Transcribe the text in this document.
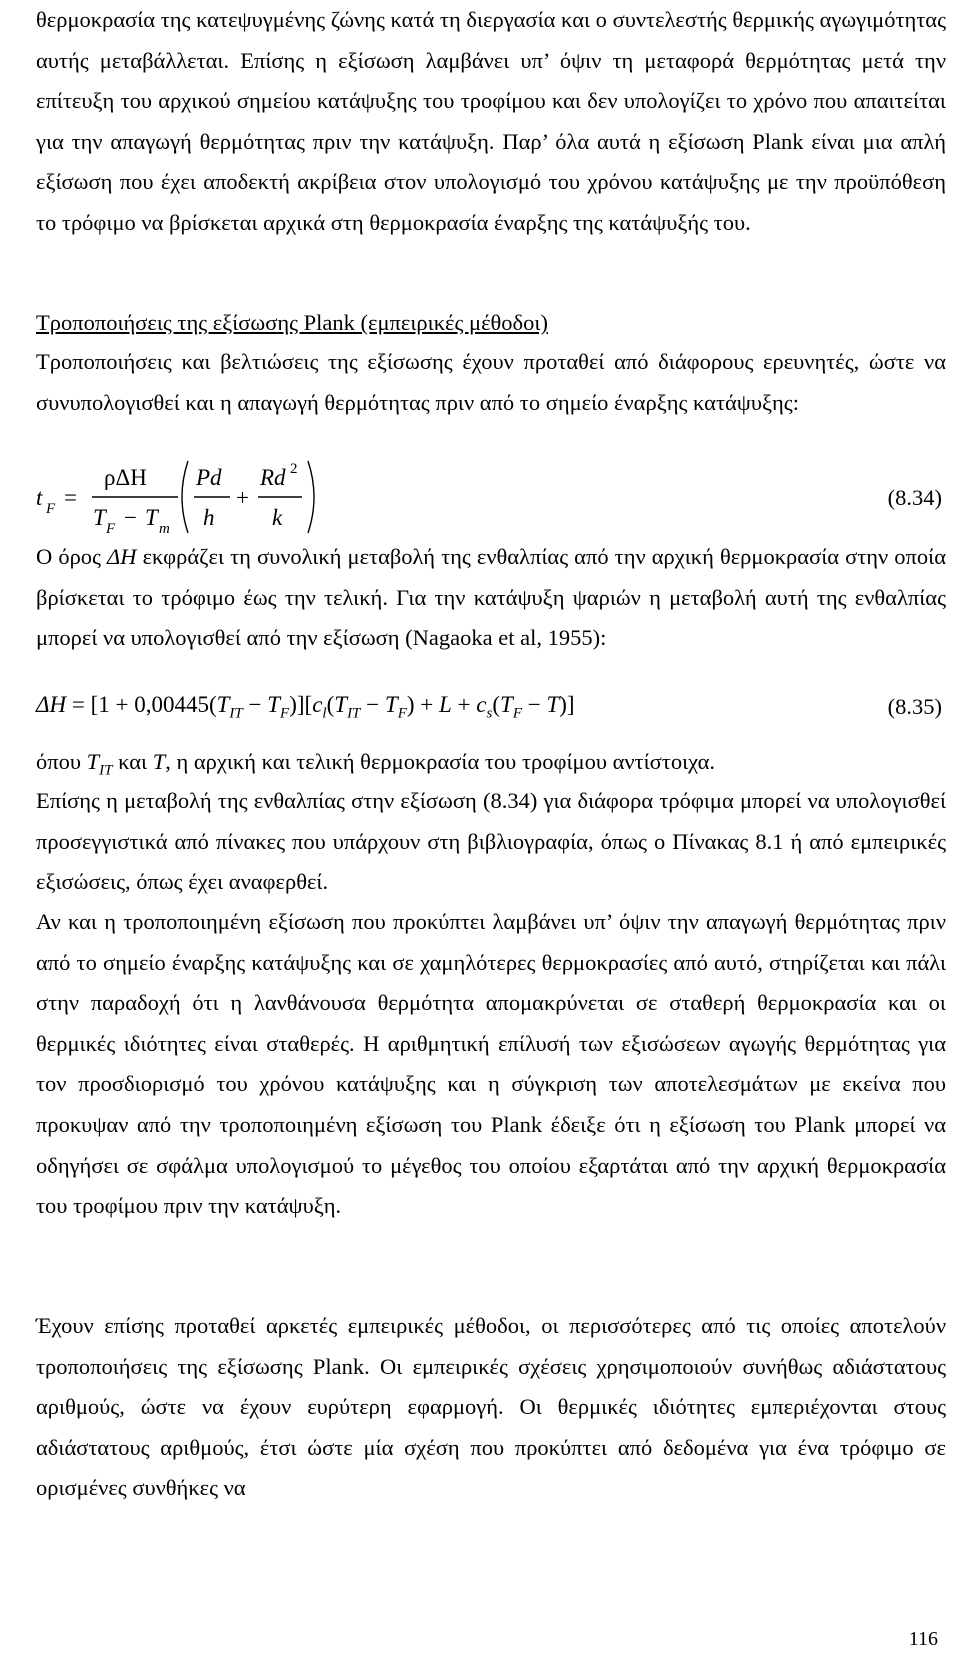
θερμοκρασία της κατεψυγμένης ζώνης κατά τη διεργασία και ο συντελεστής θερμικής αγωγιμότητας αυτής μεταβάλλεται. Επίσης η εξίσωση λαμβάνει υπ’ όψιν τη μεταφορά θερμότητας μετά την επίτευξη του αρχικού σημείου κατάψυξης του τροφίμου και δεν υπολογίζει το χρόνο που απαιτείται για την απαγωγή θερμότητας πριν την κατάψυξη. Παρ’ όλα αυτά η εξίσωση Plank είναι μια απλή εξίσωση που έχει αποδεκτή ακρίβεια στον υπολογισμό του χρόνου κατάψυξης με την προϋπόθεση το τρόφιμο να βρίσκεται αρχικά στη θερμοκρασία έναρξης της κατάψυξής του.

Τροποποιήσεις της εξίσωσης Plank (εμπειρικές μέθοδοι)

Τροποποιήσεις και βελτιώσεις της εξίσωσης έχουν προταθεί από διάφορους ερευνητές, ώστε να συνυπολογισθεί και η απαγωγή θερμότητας πριν από το σημείο έναρξης κατάψυξης:

t F =
ρΔH
T F − T m
Pd
h
+
Rd 2
k
(8.34)

Ο όρος ΔH εκφράζει τη συνολική μεταβολή της ενθαλπίας από την αρχική θερμοκρασία στην οποία βρίσκεται το τρόφιμο έως την τελική. Για την κατάψυξη ψαριών η μεταβολή αυτή της ενθαλπίας μπορεί να υπολογισθεί από την εξίσωση (Nagaoka et al, 1955):

$\Delta H = [1 + 0,00445(T_{IT} - T_F)][c_l(T_{IT} - T_F) + L + c_s(T_F - T)]$	(8.35)

όπου $T_{IT}$ και T, η αρχική και τελική θερμοκρασία του τροφίμου αντίστοιχα.

Επίσης η μεταβολή της ενθαλπίας στην εξίσωση (8.34) για διάφορα τρόφιμα μπορεί να υπολογισθεί προσεγγιστικά από πίνακες που υπάρχουν στη βιβλιογραφία, όπως ο Πίνακας 8.1 ή από εμπειρικές εξισώσεις, όπως έχει αναφερθεί.

Αν και η τροποποιημένη εξίσωση που προκύπτει λαμβάνει υπ’ όψιν την απαγωγή θερμότητας πριν από το σημείο έναρξης κατάψυξης και σε χαμηλότερες θερμοκρασίες από αυτό, στηρίζεται και πάλι στην παραδοχή ότι η λανθάνουσα θερμότητα απομακρύνεται σε σταθερή θερμοκρασία και οι θερμικές ιδιότητες είναι σταθερές. Η αριθμητική επίλυσή των εξισώσεων αγωγής θερμότητας για τον προσδιορισμό του χρόνου κατάψυξης και η σύγκριση των αποτελεσμάτων με εκείνα που προκυψαν από την τροποποιημένη εξίσωση του Plank έδειξε ότι η εξίσωση του Plank μπορεί να οδηγήσει σε σφάλμα υπολογισμού το μέγεθος του οποίου εξαρτάται από την αρχική θερμοκρασία του τροφίμου πριν την κατάψυξη.

Έχουν επίσης προταθεί αρκετές εμπειρικές μέθοδοι, οι περισσότερες από τις οποίες αποτελούν τροποποιήσεις της εξίσωσης Plank. Οι εμπειρικές σχέσεις χρησιμοποιούν συνήθως αδιάστατους αριθμούς, ώστε να έχουν ευρύτερη εφαρμογή. Οι θερμικές ιδιότητες εμπεριέχονται στους αδιάστατους αριθμούς, έτσι ώστε μία σχέση που προκύπτει από δεδομένα για ένα τρόφιμο σε ορισμένες συνθήκες να

116
